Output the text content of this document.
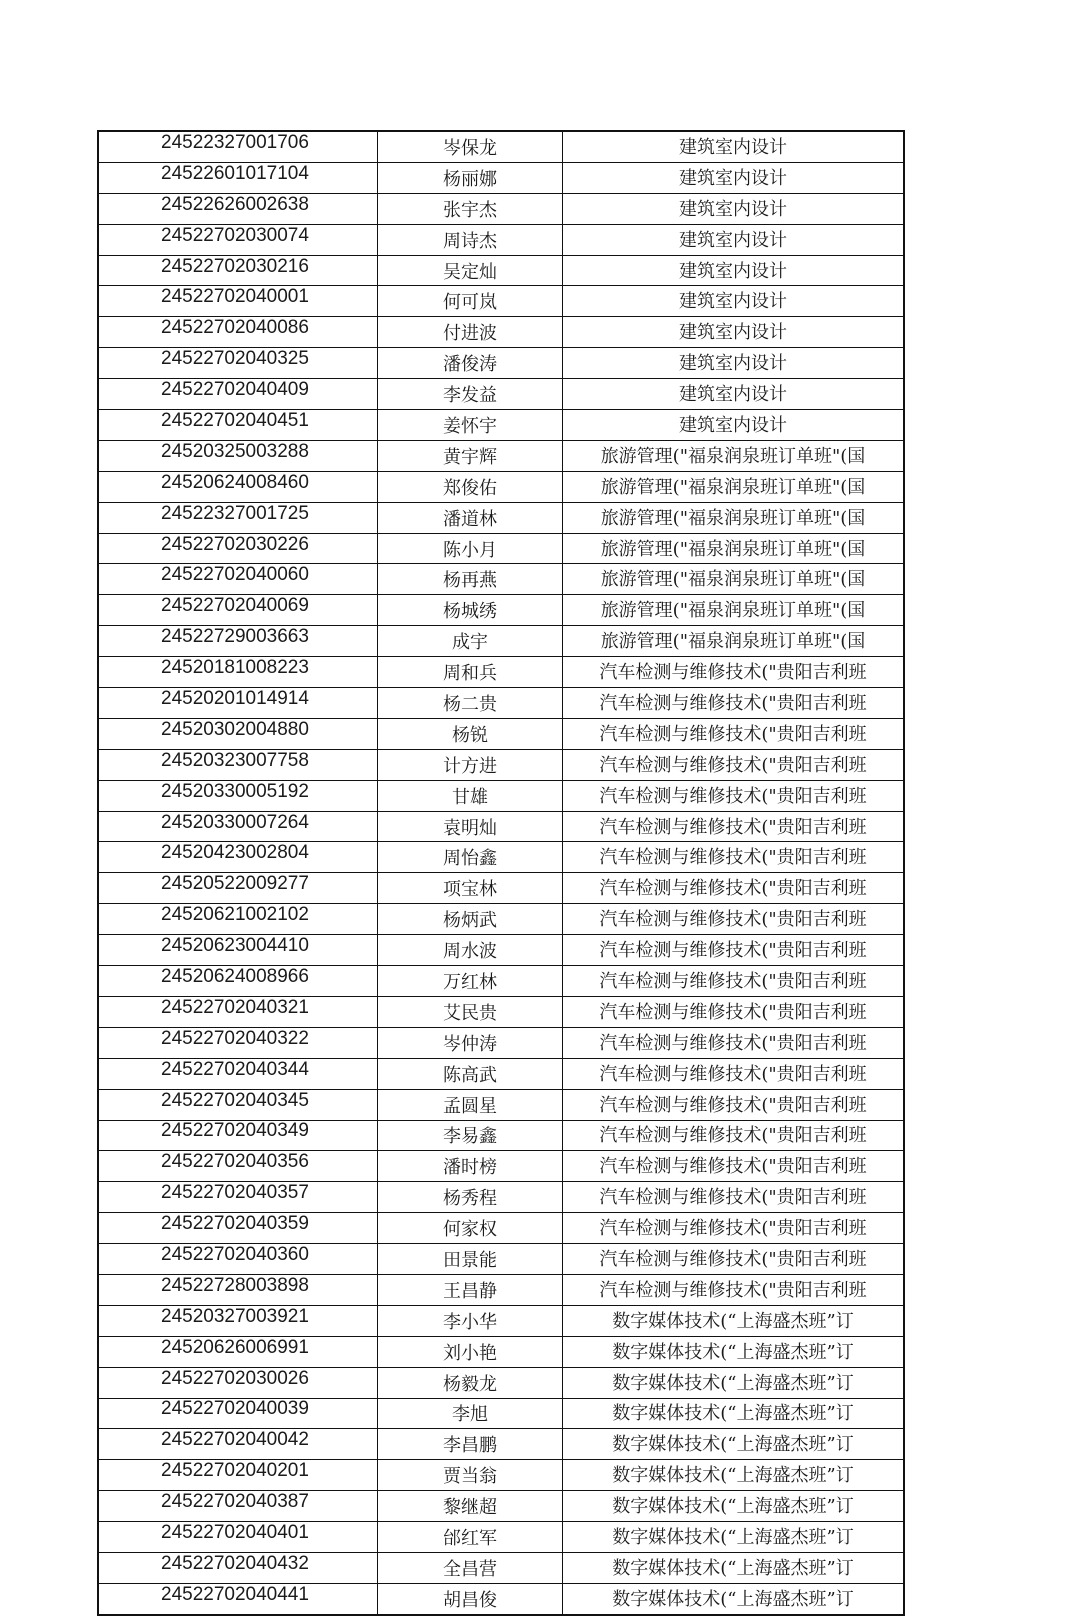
24522327001706	岑保龙	建筑室内设计
24522601017104	杨丽娜	建筑室内设计
24522626002638	张宇杰	建筑室内设计
24522702030074	周诗杰	建筑室内设计
24522702030216	吴定灿	建筑室内设计
24522702040001	何可岚	建筑室内设计
24522702040086	付进波	建筑室内设计
24522702040325	潘俊涛	建筑室内设计
24522702040409	李发益	建筑室内设计
24522702040451	姜怀宇	建筑室内设计
24520325003288	黄宇辉	旅游管理("福泉润泉班订单班"(国
24520624008460	郑俊佑	旅游管理("福泉润泉班订单班"(国
24522327001725	潘道林	旅游管理("福泉润泉班订单班"(国
24522702030226	陈小月	旅游管理("福泉润泉班订单班"(国
24522702040060	杨再燕	旅游管理("福泉润泉班订单班"(国
24522702040069	杨城绣	旅游管理("福泉润泉班订单班"(国
24522729003663	成宇	旅游管理("福泉润泉班订单班"(国
24520181008223	周和兵	汽车检测与维修技术("贵阳吉利班
24520201014914	杨二贵	汽车检测与维修技术("贵阳吉利班
24520302004880	杨锐	汽车检测与维修技术("贵阳吉利班
24520323007758	计方进	汽车检测与维修技术("贵阳吉利班
24520330005192	甘雄	汽车检测与维修技术("贵阳吉利班
24520330007264	袁明灿	汽车检测与维修技术("贵阳吉利班
24520423002804	周怡鑫	汽车检测与维修技术("贵阳吉利班
24520522009277	项宝林	汽车检测与维修技术("贵阳吉利班
24520621002102	杨炳武	汽车检测与维修技术("贵阳吉利班
24520623004410	周水波	汽车检测与维修技术("贵阳吉利班
24520624008966	万红林	汽车检测与维修技术("贵阳吉利班
24522702040321	艾民贵	汽车检测与维修技术("贵阳吉利班
24522702040322	岑仲涛	汽车检测与维修技术("贵阳吉利班
24522702040344	陈高武	汽车检测与维修技术("贵阳吉利班
24522702040345	孟圆星	汽车检测与维修技术("贵阳吉利班
24522702040349	李易鑫	汽车检测与维修技术("贵阳吉利班
24522702040356	潘时榜	汽车检测与维修技术("贵阳吉利班
24522702040357	杨秀程	汽车检测与维修技术("贵阳吉利班
24522702040359	何家权	汽车检测与维修技术("贵阳吉利班
24522702040360	田景能	汽车检测与维修技术("贵阳吉利班
24522728003898	王昌静	汽车检测与维修技术("贵阳吉利班
24520327003921	李小华	数字媒体技术(“上海盛杰班”订
24520626006991	刘小艳	数字媒体技术(“上海盛杰班”订
24522702030026	杨毅龙	数字媒体技术(“上海盛杰班”订
24522702040039	李旭	数字媒体技术(“上海盛杰班”订
24522702040042	李昌鹏	数字媒体技术(“上海盛杰班”订
24522702040201	贾当翁	数字媒体技术(“上海盛杰班”订
24522702040387	黎继超	数字媒体技术(“上海盛杰班”订
24522702040401	邰红军	数字媒体技术(“上海盛杰班”订
24522702040432	全昌营	数字媒体技术(“上海盛杰班”订
24522702040441	胡昌俊	数字媒体技术(“上海盛杰班”订
